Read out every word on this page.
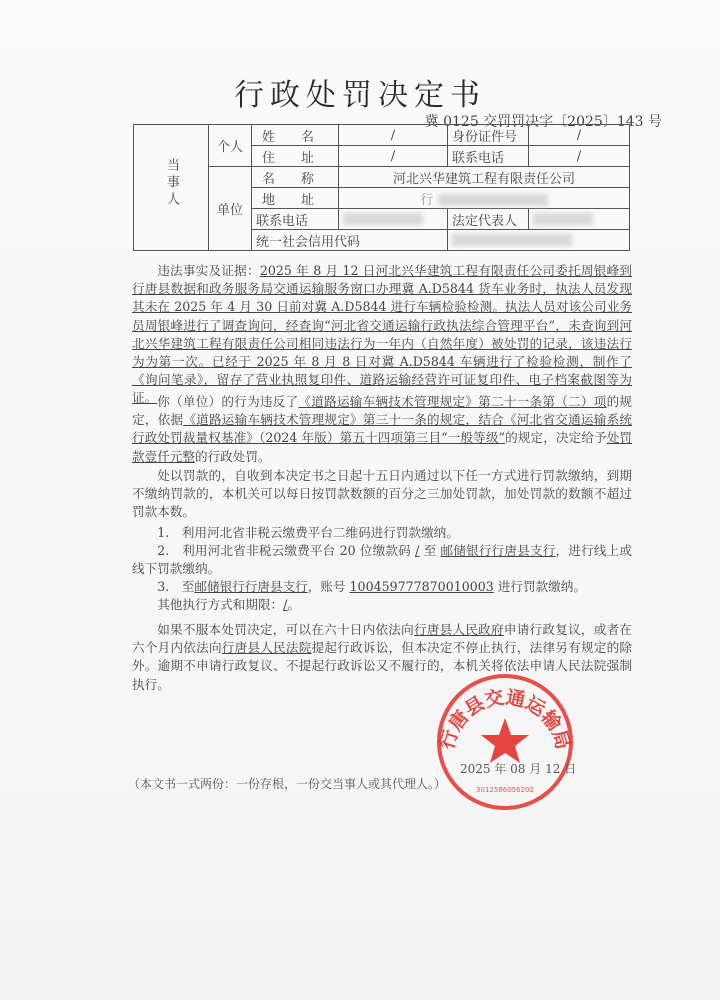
行政处罚决定书
冀 0125 交罚罚决字〔2025〕143 号
当事人	个人	姓　　名	/	身份证件号	/
		住　　址	/	联系电话	/
	单位	名　　称	河北兴华建筑工程有限责任公司		
		地　　址	行		
		联系电话		法定代表人	
		统一社会信用代码			

违法事实及证据：2025 年 8 月 12 日河北兴华建筑工程有限责任公司委托周银峰到行唐县数据和政务服务局交通运输服务窗口办理冀 A.D5844 货车业务时，执法人员发现其未在 2025 年 4 月 30 日前对冀 A.D5844 进行车辆检验检测。执法人员对该公司业务员周银峰进行了调查询问，经查询“河北省交通运输行政执法综合管理平台”，未查询到河北兴华建筑工程有限责任公司相同违法行为一年内（自然年度）被处罚的记录，该违法行为为第一次。已经于 2025 年 8 月 8 日对冀 A.D5844 车辆进行了检验检测，制作了《询问笔录》，留存了营业执照复印件、道路运输经营许可证复印件、电子档案截图等为证。 你（单位）的行为违反了《道路运输车辆技术管理规定》第二十一条第（二）项的规定，依据《道路运输车辆技术管理规定》第三十一条的规定，结合《河北省交通运输系统行政处罚裁量权基准》（2024 年版）第五十四项第三目“一般等级”的规定，决定给予处罚款壹仟元整的行政处罚。

处以罚款的，自收到本决定书之日起十五日内通过以下任一方式进行罚款缴纳，到期不缴纳罚款的，本机关可以每日按罚款数额的百分之三加处罚款，加处罚款的数额不超过罚款本数。

1.　利用河北省非税云缴费平台二维码进行罚款缴纳。

2.　利用河北省非税云缴费平台 20 位缴款码 / 至 邮储银行行唐县支行，进行线上或线下罚款缴纳。

3.　至邮储银行行唐县支行，账号 100459777870010003 进行罚款缴纳。

其他执行方式和期限：/。

如果不服本处罚决定，可以在六十日内依法向行唐县人民政府申请行政复议，或者在六个月内依法向行唐县人民法院提起行政诉讼，但本决定不停止执行，法律另有规定的除外。逾期不申请行政复议、不提起行政诉讼又不履行的，本机关将依法申请人民法院强制执行。

行唐县交通运输局
3012586056202
2025 年 08 月 12 日
（本文书一式两份：一份存根，一份交当事人或其代理人。）
